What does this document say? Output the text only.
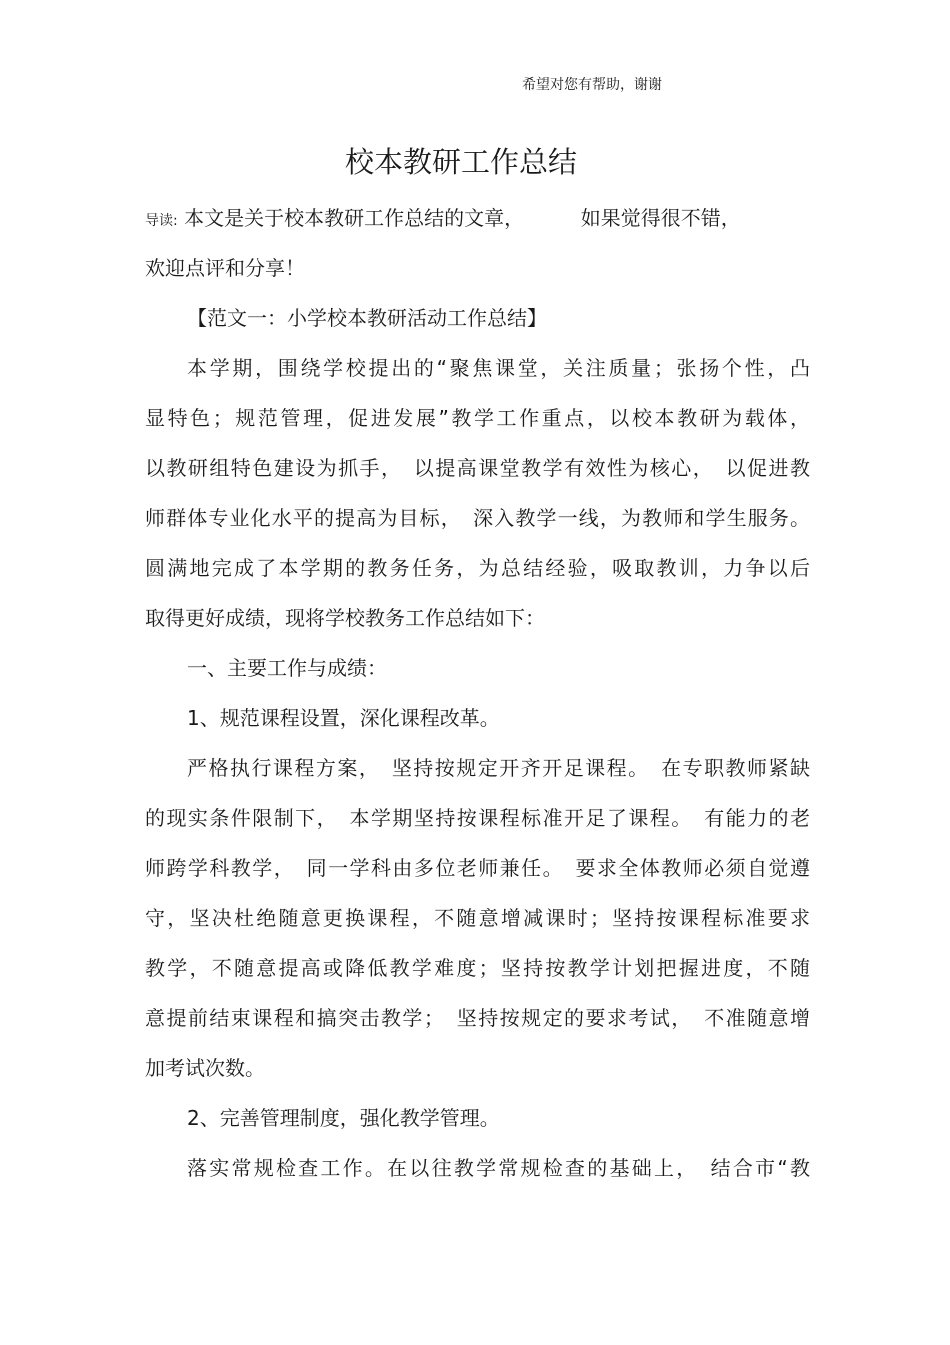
希望对您有帮助，谢谢
校本教研工作总结
导读: 本文是关于校本教研工作总结的文章，	如果觉得很不错，
欢迎点评和分享！
【范文一：小学校本教研活动工作总结】
本学期，围绕学校提出的“聚焦课堂，关注质量；张扬个性，凸
显特色；规范管理，促进发展”教学工作重点，以校本教研为载体，
以教研组特色建设为抓手，　以提高课堂教学有效性为核心，　以促进教
师群体专业化水平的提高为目标，　深入教学一线，为教师和学生服务。
圆满地完成了本学期的教务任务，为总结经验，吸取教训，力争以后
取得更好成绩，现将学校教务工作总结如下：
一、主要工作与成绩：
1、规范课程设置，深化课程改革。
严格执行课程方案，　坚持按规定开齐开足课程。　在专职教师紧缺
的现实条件限制下，　本学期坚持按课程标准开足了课程。　有能力的老
师跨学科教学，　同一学科由多位老师兼任。　要求全体教师必须自觉遵
守，坚决杜绝随意更换课程，不随意增减课时；坚持按课程标准要求
教学，不随意提高或降低教学难度；坚持按教学计划把握进度，不随
意提前结束课程和搞突击教学；　坚持按规定的要求考试，　不准随意增
加考试次数。
2、完善管理制度，强化教学管理。
落实常规检查工作。在以往教学常规检查的基础上，　结合市“教
